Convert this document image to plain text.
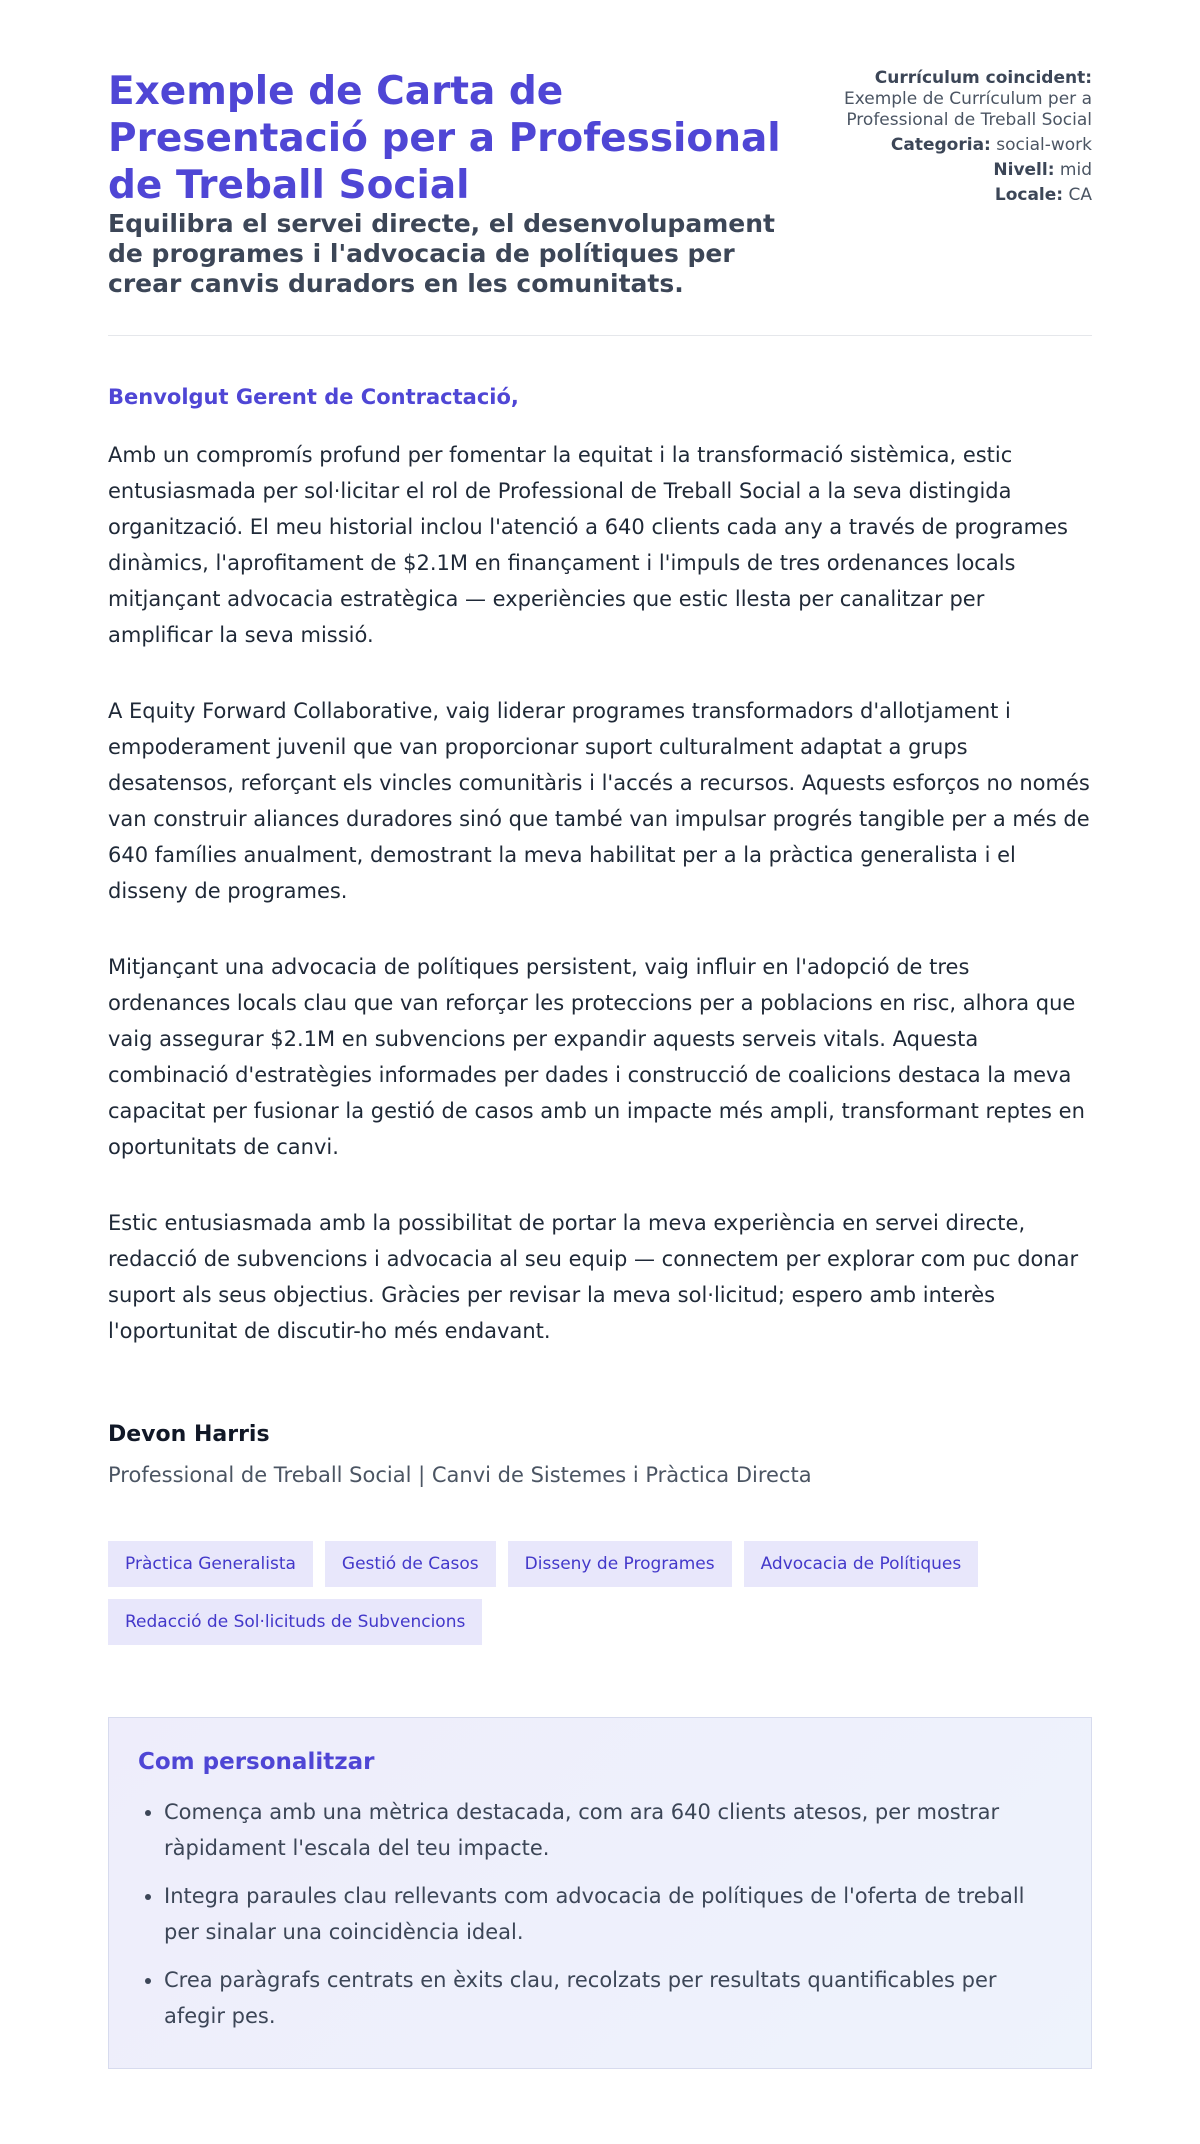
Exemple de Carta de Presentació per a Professional de Treball Social
Equilibra el servei directe, el desenvolupament de programes i l'advocacia de polítiques per crear canvis duradors en les comunitats.
Currículum coincident:
Exemple de Currículum per a Professional de Treball Social
Categoria: social-work
Nivell: mid
Locale: CA

Benvolgut Gerent de Contractació,

Amb un compromís profund per fomentar la equitat i la transformació sistèmica, estic entusiasmada per sol·licitar el rol de Professional de Treball Social a la seva distingida organització. El meu historial inclou l'atenció a 640 clients cada any a través de programes dinàmics, l'aprofitament de $2.1M en finançament i l'impuls de tres ordenances locals mitjançant advocacia estratègica — experiències que estic llesta per canalitzar per amplificar la seva missió.

A Equity Forward Collaborative, vaig liderar programes transformadors d'allotjament i empoderament juvenil que van proporcionar suport culturalment adaptat a grups desatensos, reforçant els vincles comunitàris i l'accés a recursos. Aquests esforços no només van construir aliances duradores sinó que també van impulsar progrés tangible per a més de 640 famílies anualment, demostrant la meva habilitat per a la pràctica generalista i el disseny de programes.

Mitjançant una advocacia de polítiques persistent, vaig influir en l'adopció de tres ordenances locals clau que van reforçar les proteccions per a poblacions en risc, alhora que vaig assegurar $2.1M en subvencions per expandir aquests serveis vitals. Aquesta combinació d'estratègies informades per dades i construcció de coalicions destaca la meva capacitat per fusionar la gestió de casos amb un impacte més ampli, transformant reptes en oportunitats de canvi.

Estic entusiasmada amb la possibilitat de portar la meva experiència en servei directe, redacció de subvencions i advocacia al seu equip — connectem per explorar com puc donar suport als seus objectius. Gràcies per revisar la meva sol·licitud; espero amb interès l'oportunitat de discutir-ho més endavant.

Devon Harris

Professional de Treball Social | Canvi de Sistemes i Pràctica Directa

Pràctica Generalista	Gestió de Casos	Disseny de Programes	Advocacia de Polítiques
Redacció de Sol·licituds de Subvencions
Com personalitzar
• Comença amb una mètrica destacada, com ara 640 clients atesos, per mostrar ràpidament l'escala del teu impacte.
• Integra paraules clau rellevants com advocacia de polítiques de l'oferta de treball per sinalar una coincidència ideal.
• Crea paràgrafs centrats en èxits clau, recolzats per resultats quantificables per afegir pes.
